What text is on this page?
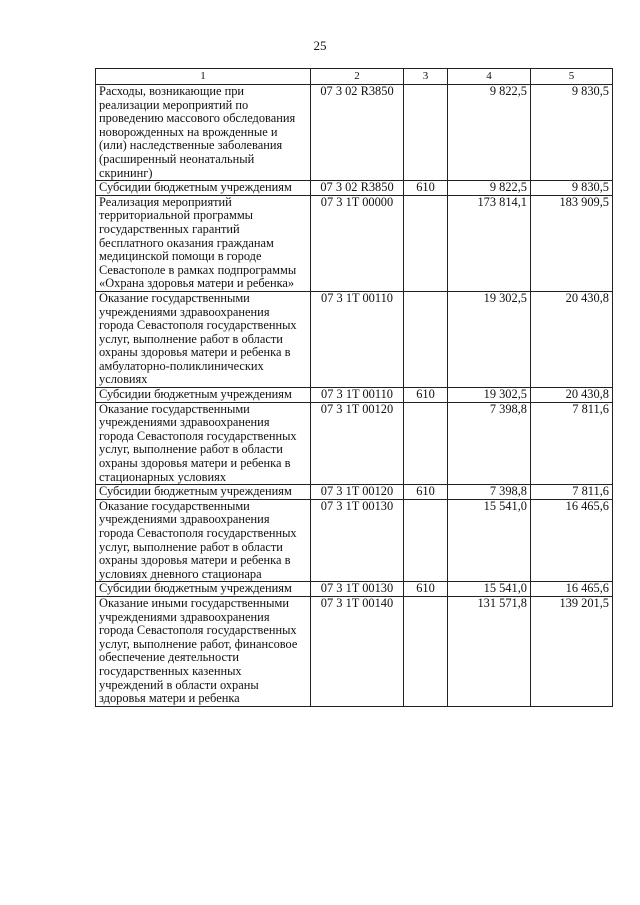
25
1	2	3	4	5
Расходы, возникающие при реализации мероприятий по проведению массового обследования новорожденных на врожденные и (или) наследственные заболевания (расширенный неонатальный скрининг)	07 3 02 R3850		9 822,5	9 830,5
Субсидии бюджетным учреждениям	07 3 02 R3850	610	9 822,5	9 830,5
Реализация мероприятий территориальной программы государственных гарантий бесплатного оказания гражданам медицинской помощи в городе Севастополе в рамках подпрограммы «Охрана здоровья матери и ребенка»	07 3 1T 00000		173 814,1	183 909,5
Оказание государственными учреждениями здравоохранения города Севастополя государственных услуг, выполнение работ в области охраны здоровья матери и ребенка в амбулаторно-поликлинических условиях	07 3 1T 00110		19 302,5	20 430,8
Субсидии бюджетным учреждениям	07 3 1T 00110	610	19 302,5	20 430,8
Оказание государственными учреждениями здравоохранения города Севастополя государственных услуг, выполнение работ в области охраны здоровья матери и ребенка в стационарных условиях	07 3 1T 00120		7 398,8	7 811,6
Субсидии бюджетным учреждениям	07 3 1T 00120	610	7 398,8	7 811,6
Оказание государственными учреждениями здравоохранения города Севастополя государственных услуг, выполнение работ в области охраны здоровья матери и ребенка в условиях дневного стационара	07 3 1T 00130		15 541,0	16 465,6
Субсидии бюджетным учреждениям	07 3 1T 00130	610	15 541,0	16 465,6
Оказание иными государственными учреждениями здравоохранения города Севастополя государственных услуг, выполнение работ, финансовое обеспечение деятельности государственных казенных учреждений в области охраны здоровья матери и ребенка	07 3 1T 00140		131 571,8	139 201,5
